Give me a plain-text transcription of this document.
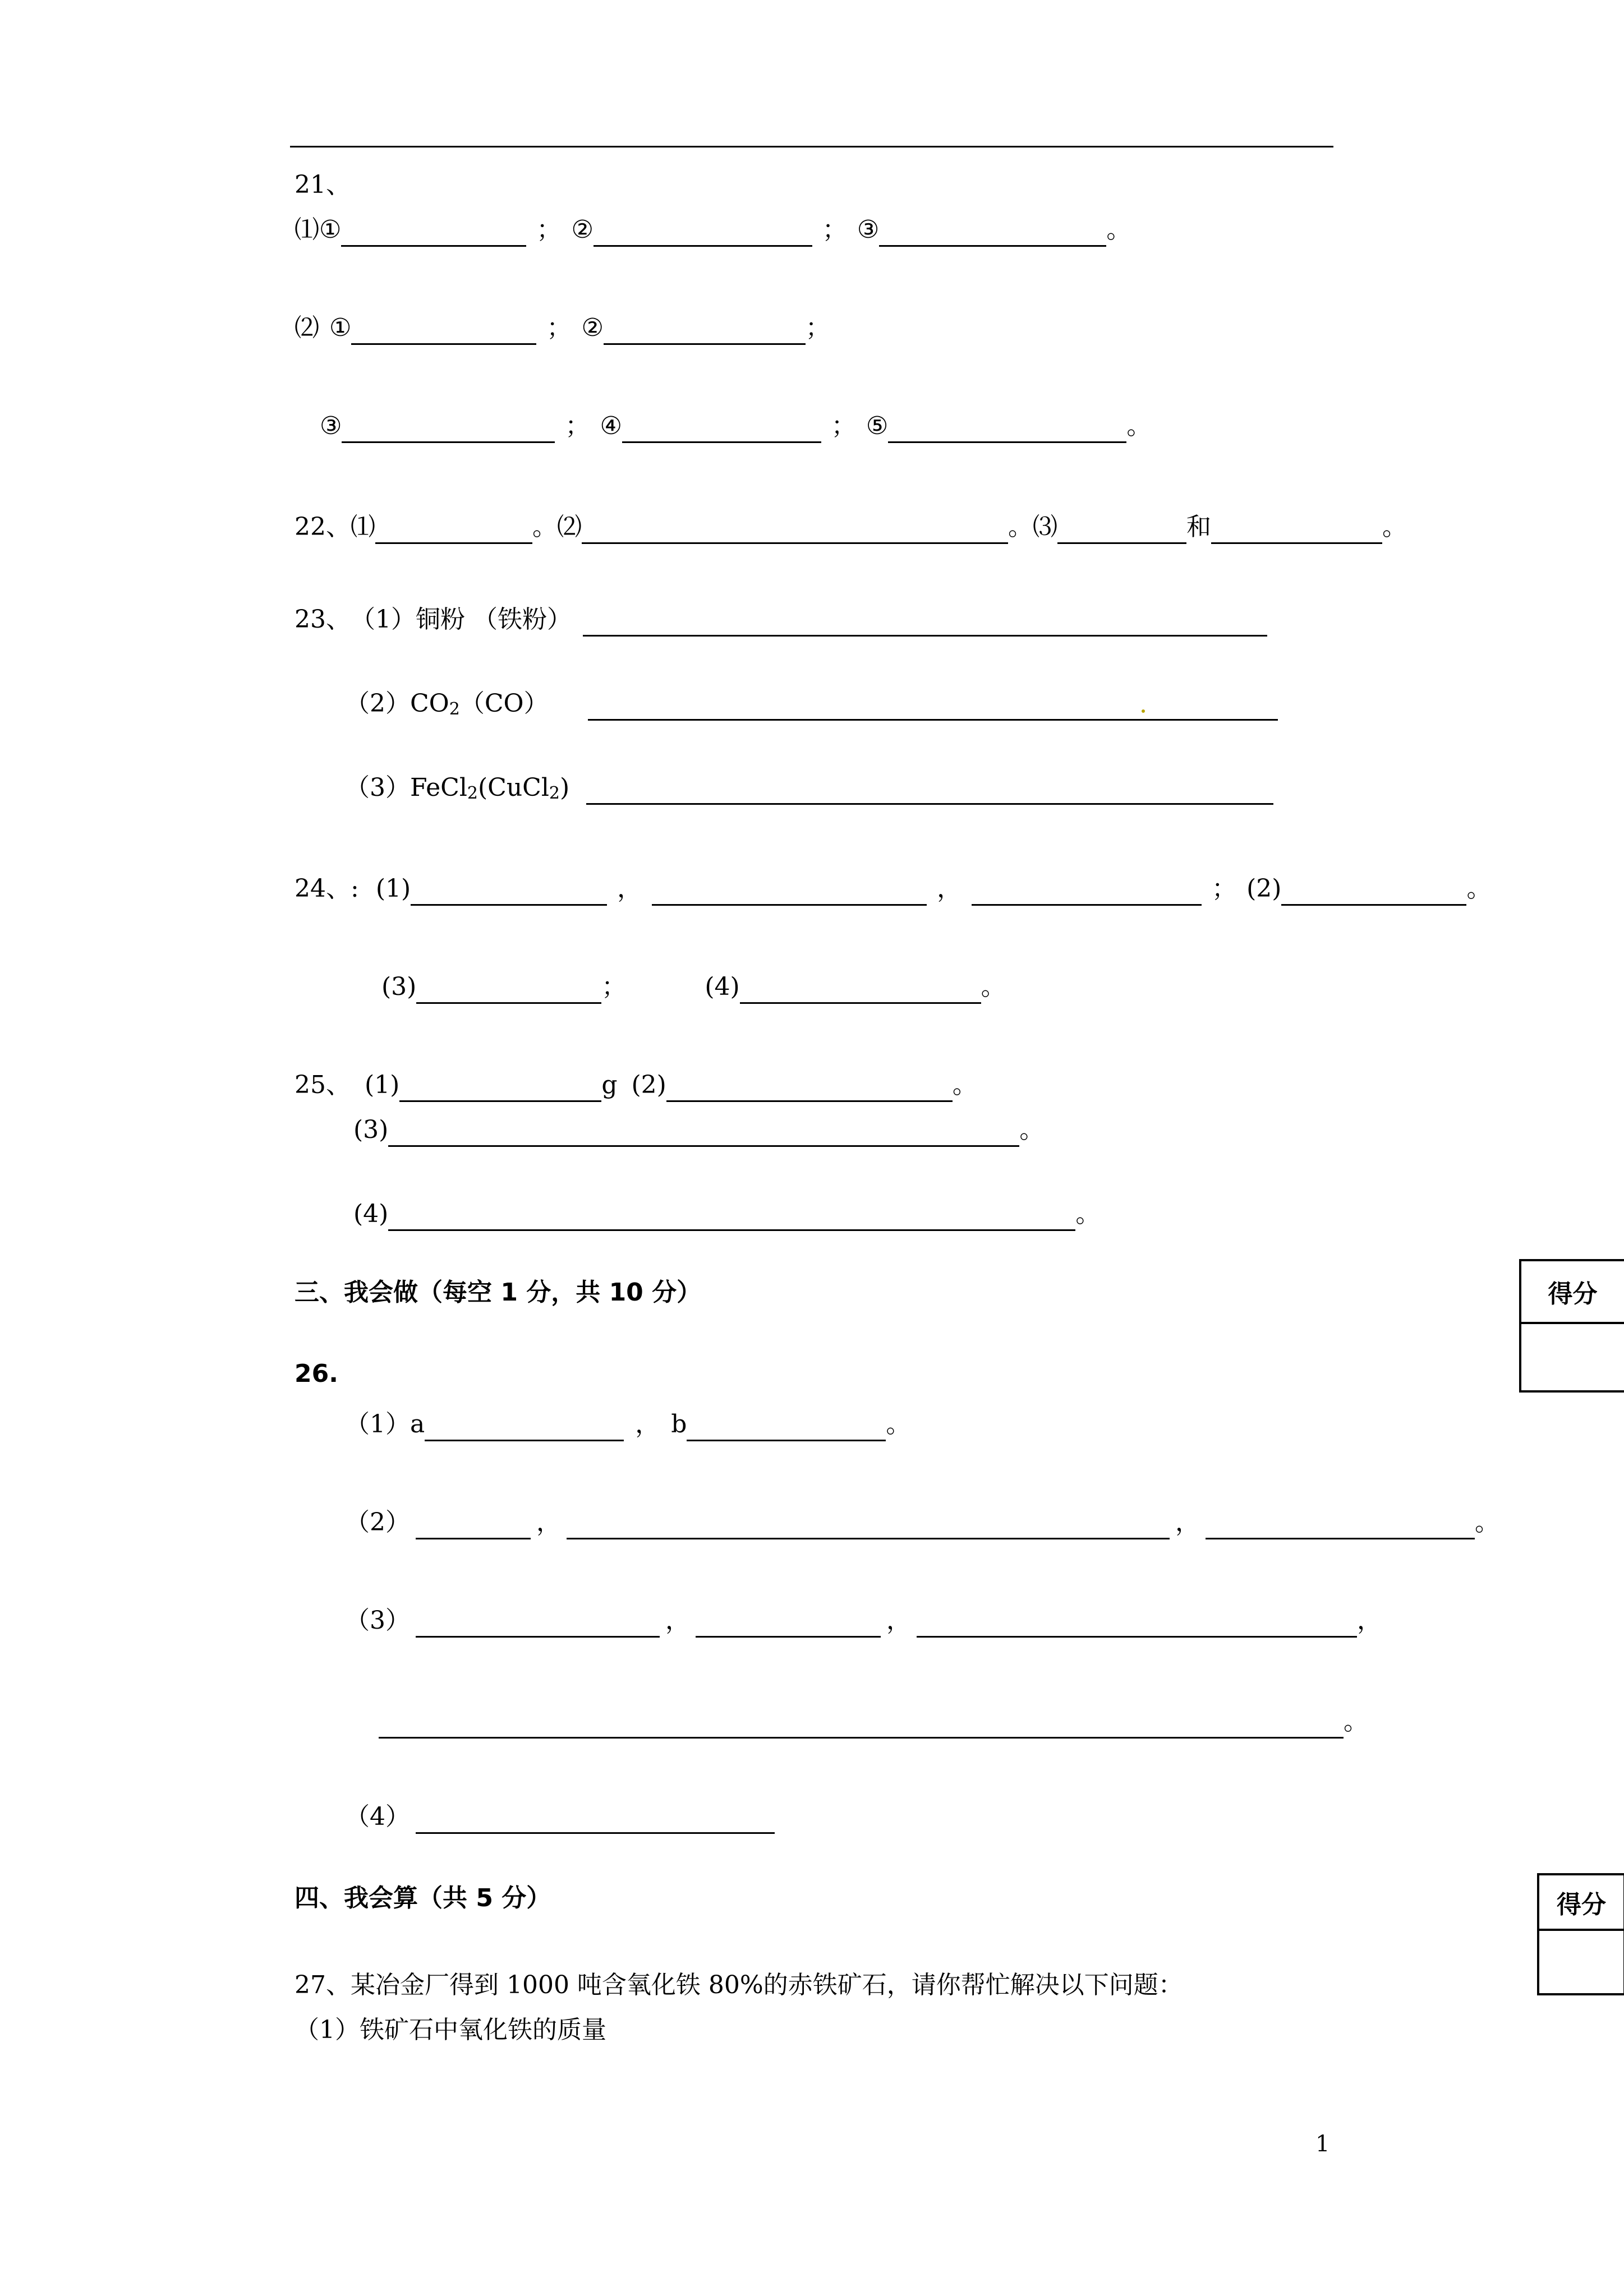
21、
⑴ ①	； ②	； ③	。
⑵ ①	； ②	；
③	； ④	； ⑤	。
22、 ⑴	。 ⑵	。 ⑶	和	。
23、 （1）铜粉 （铁粉）
（2）CO 2 （CO）
（3）FeCl 2 (CuCl 2 )
24、: (1)	，	，	； (2)	。
(3)	；	(4)	。
25、 (1)	g (2)	。
(3)	。
(4)	。
三、我会做（每空 1 分，共 10 分）	得分
26.
（1）a	， b	。
（2）	，	，	。
（3）	，	，	，
。
（4）
四、我会算（共 5 分）	得分
27、某冶金厂得到 1000 吨含氧化铁 80%的赤铁矿石，请你帮忙解决以下问题：
（1）铁矿石中氧化铁的质量
1
